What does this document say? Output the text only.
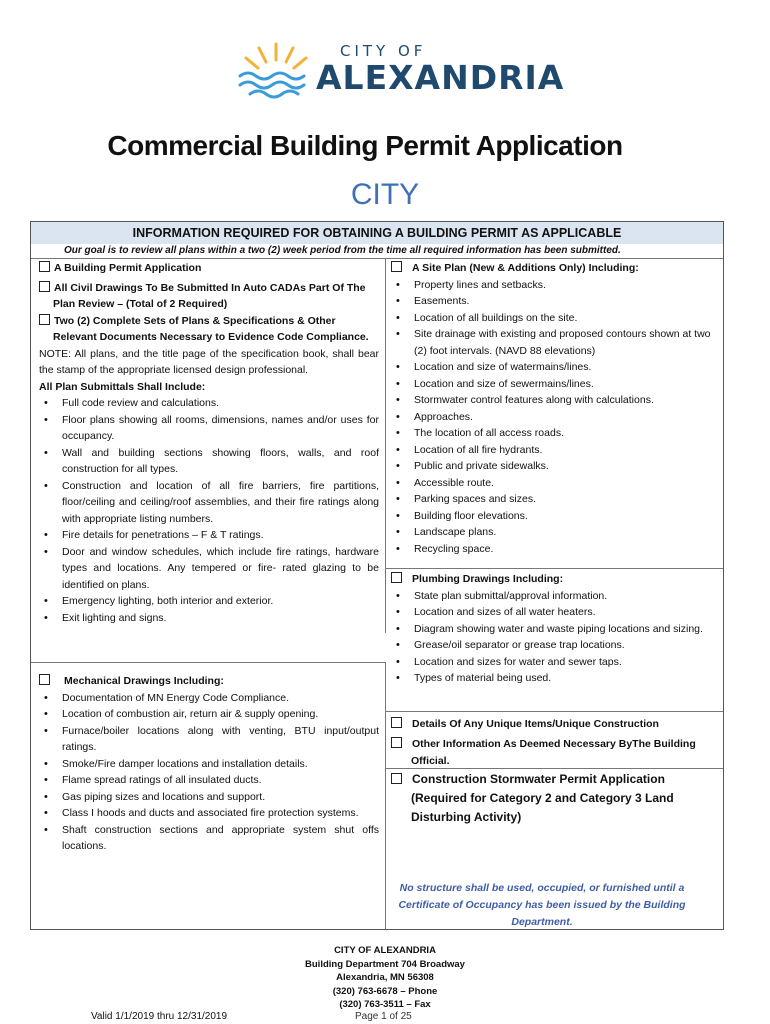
CITY OF
ALEXANDRIA
Commercial Building Permit Application
CITY
INFORMATION REQUIRED FOR OBTAINING A BUILDING PERMIT AS APPLICABLE
Our goal is to review all plans within a two (2) week period from the time all required information has been submitted.
A Building Permit Application
All Civil Drawings To Be Submitted In Auto CADAs Part Of The Plan Review – (Total of 2 Required)
Two (2) Complete Sets of Plans & Specifications & Other Relevant Documents Necessary to Evidence Code Compliance.
NOTE: All plans, and the title page of the specification book, shall bear the stamp of the appropriate licensed design professional.
All Plan Submittals Shall Include:
• Full code review and calculations.
• Floor plans showing all rooms, dimensions, names and/or uses for occupancy.
• Wall and building sections showing floors, walls, and roof construction for all types.
• Construction and location of all fire barriers, fire partitions, floor/ceiling and ceiling/roof assemblies, and their fire ratings along with appropriate listing numbers.
• Fire details for penetrations – F & T ratings.
• Door and window schedules, which include fire ratings, hardware types and locations. Any tempered or fire- rated glazing to be identified on plans.
• Emergency lighting, both interior and exterior.
• Exit lighting and signs.
Mechanical Drawings Including:
• Documentation of MN Energy Code Compliance.
• Location of combustion air, return air & supply opening.
• Furnace/boiler locations along with venting, BTU input/output ratings.
• Smoke/Fire damper locations and installation details.
• Flame spread ratings of all insulated ducts.
• Gas piping sizes and locations and support.
• Class I hoods and ducts and associated fire protection systems.
• Shaft construction sections and appropriate system shut offs locations.
A Site Plan (New & Additions Only) Including:
• Property lines and setbacks.
• Easements.
• Location of all buildings on the site.
• Site drainage with existing and proposed contours shown at two (2) foot intervals. (NAVD 88 elevations)
• Location and size of watermains/lines.
• Location and size of sewermains/lines.
• Stormwater control features along with calculations.
• Approaches.
• The location of all access roads.
• Location of all fire hydrants.
• Public and private sidewalks.
• Accessible route.
• Parking spaces and sizes.
• Building floor elevations.
• Landscape plans.
• Recycling space.
Plumbing Drawings Including:
• State plan submittal/approval information.
• Location and sizes of all water heaters.
• Diagram showing water and waste piping locations and sizing.
• Grease/oil separator or grease trap locations.
• Location and sizes for water and sewer taps.
• Types of material being used.
Details Of Any Unique Items/Unique Construction
Other Information As Deemed Necessary ByThe Building Official.
Construction Stormwater Permit Application (Required for Category 2 and Category 3 Land Disturbing Activity)
No structure shall be used, occupied, or furnished until a Certificate of Occupancy has been issued by the Building Department.
CITY OF ALEXANDRIA
Building Department 704 Broadway
Alexandria, MN 56308
(320) 763-6678 – Phone
(320) 763-3511 – Fax
Valid 1/1/2019 thru 12/31/2019	Page 1 of 25
